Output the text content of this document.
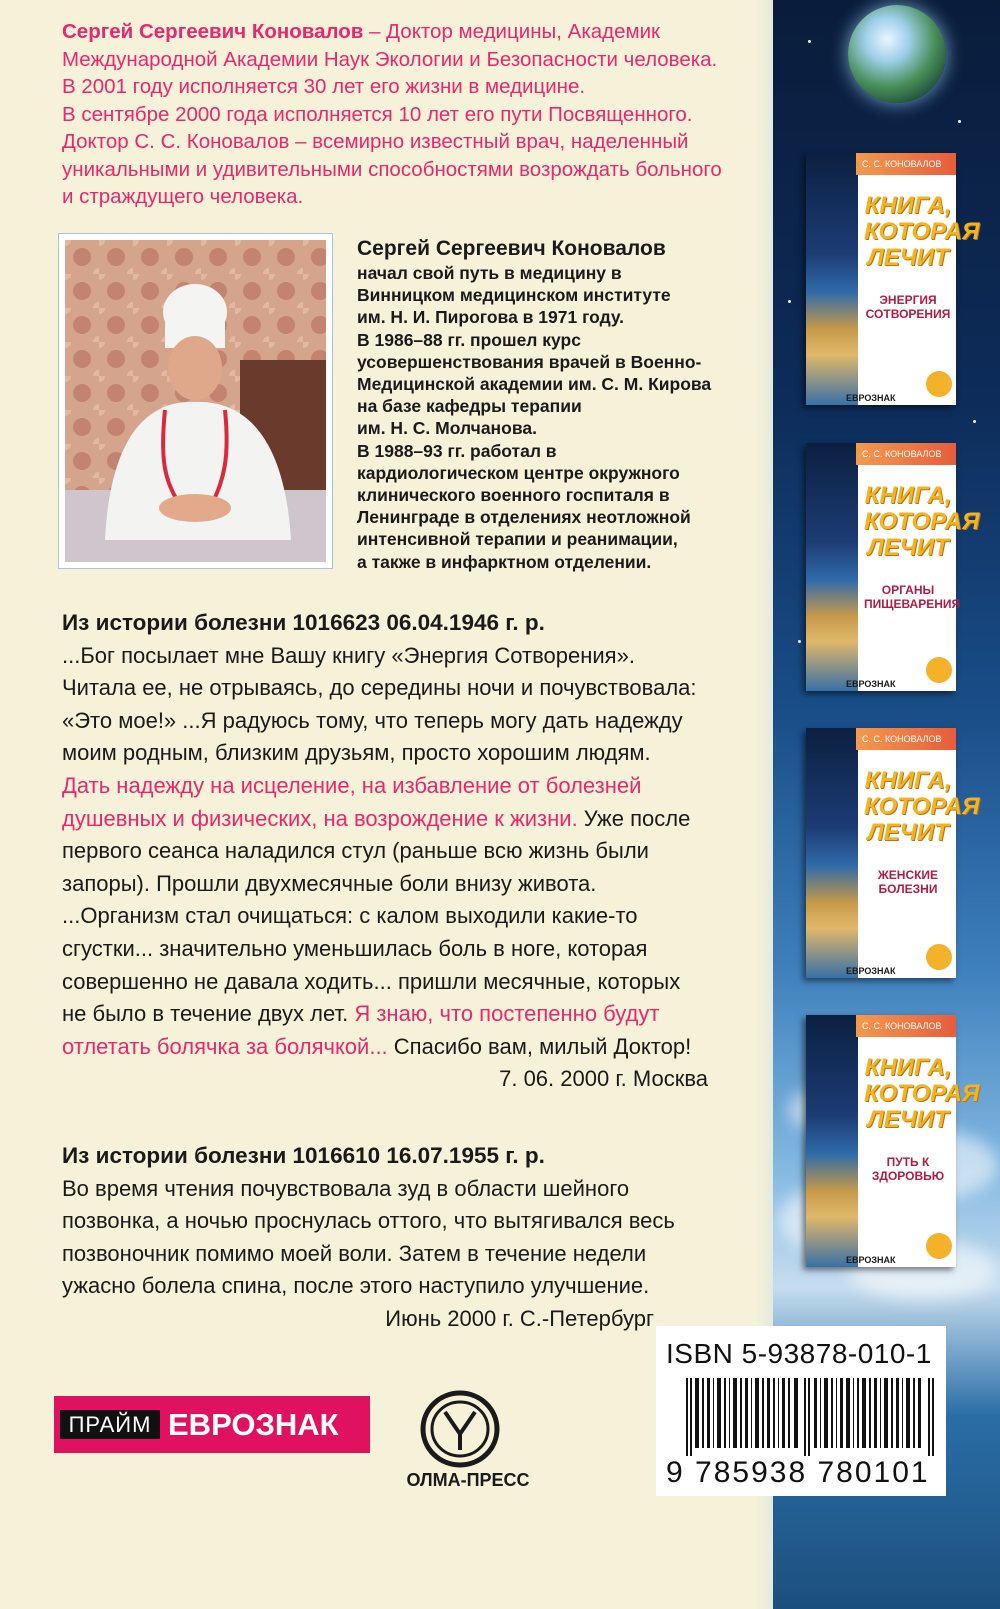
Сергей Сергеевич Коновалов – Доктор медицины, Академик
Международной Академии Наук Экологии и Безопасности человека.
В 2001 году исполняется 30 лет его жизни в медицине.
В сентябре 2000 года исполняется 10 лет его пути Посвященного.
Доктор С. С. Коновалов – всемирно известный врач, наделенный
уникальными и удивительными способностями возрождать больного
и страждущего человека.
Сергей Сергеевич Коновалов
начал свой путь в медицину в
Винницком медицинском институте
им. Н. И. Пирогова в 1971 году.
В 1986–88 гг. прошел курс
усовершенствования врачей в Военно-
Медицинской академии им. С. М. Кирова
на базе кафедры терапии
им. Н. С. Молчанова.
В 1988–93 гг. работал в
кардиологическом центре окружного
клинического военного госпиталя в
Ленинграде в отделениях неотложной
интенсивной терапии и реанимации,
а также в инфарктном отделении.
Из истории болезни 1016623 06.04.1946 г. р.
...Бог посылает мне Вашу книгу «Энергия Сотворения».
Читала ее, не отрываясь, до середины ночи и почувствовала:
«Это мое!» ...Я радуюсь тому, что теперь могу дать надежду
моим родным, близким друзьям, просто хорошим людям.
Дать надежду на исцеление, на избавление от болезней
душевных и физических, на возрождение к жизни. Уже после
первого сеанса наладился стул (раньше всю жизнь были
запоры). Прошли двухмесячные боли внизу живота.
...Организм стал очищаться: с калом выходили какие-то
сгустки... значительно уменьшилась боль в ноге, которая
совершенно не давала ходить... пришли месячные, которых
не было в течение двух лет. Я знаю, что постепенно будут
отлетать болячка за болячкой... Спасибо вам, милый Доктор!
7. 06. 2000 г. Москва
Из истории болезни 1016610 16.07.1955 г. р.
Во время чтения почувствовала зуд в области шейного
позвонка, а ночью проснулась оттого, что вытягивался весь
позвоночник помимо моей воли. Затем в течение недели
ужасно болела спина, после этого наступило улучшение.
Июнь 2000 г. С.-Петербург
С. С. КОНОВАЛОВ
КНИГА, КОТОРАЯ ЛЕЧИТ
ЭНЕРГИЯ СОТВОРЕНИЯ
ЕВРОЗНАК
С. С. КОНОВАЛОВ
КНИГА, КОТОРАЯ ЛЕЧИТ
ОРГАНЫ ПИЩЕВАРЕНИЯ
ЕВРОЗНАК
С. С. КОНОВАЛОВ
КНИГА, КОТОРАЯ ЛЕЧИТ
ЖЕНСКИЕ БОЛЕЗНИ
ЕВРОЗНАК
С. С. КОНОВАЛОВ
КНИГА, КОТОРАЯ ЛЕЧИТ
ПУТЬ К ЗДОРОВЬЮ
ЕВРОЗНАК
ISBN 5-93878-010-1
9 785938 780101
ПРАЙМ ЕВРОЗНАК
ОЛМА-ПРЕСС
